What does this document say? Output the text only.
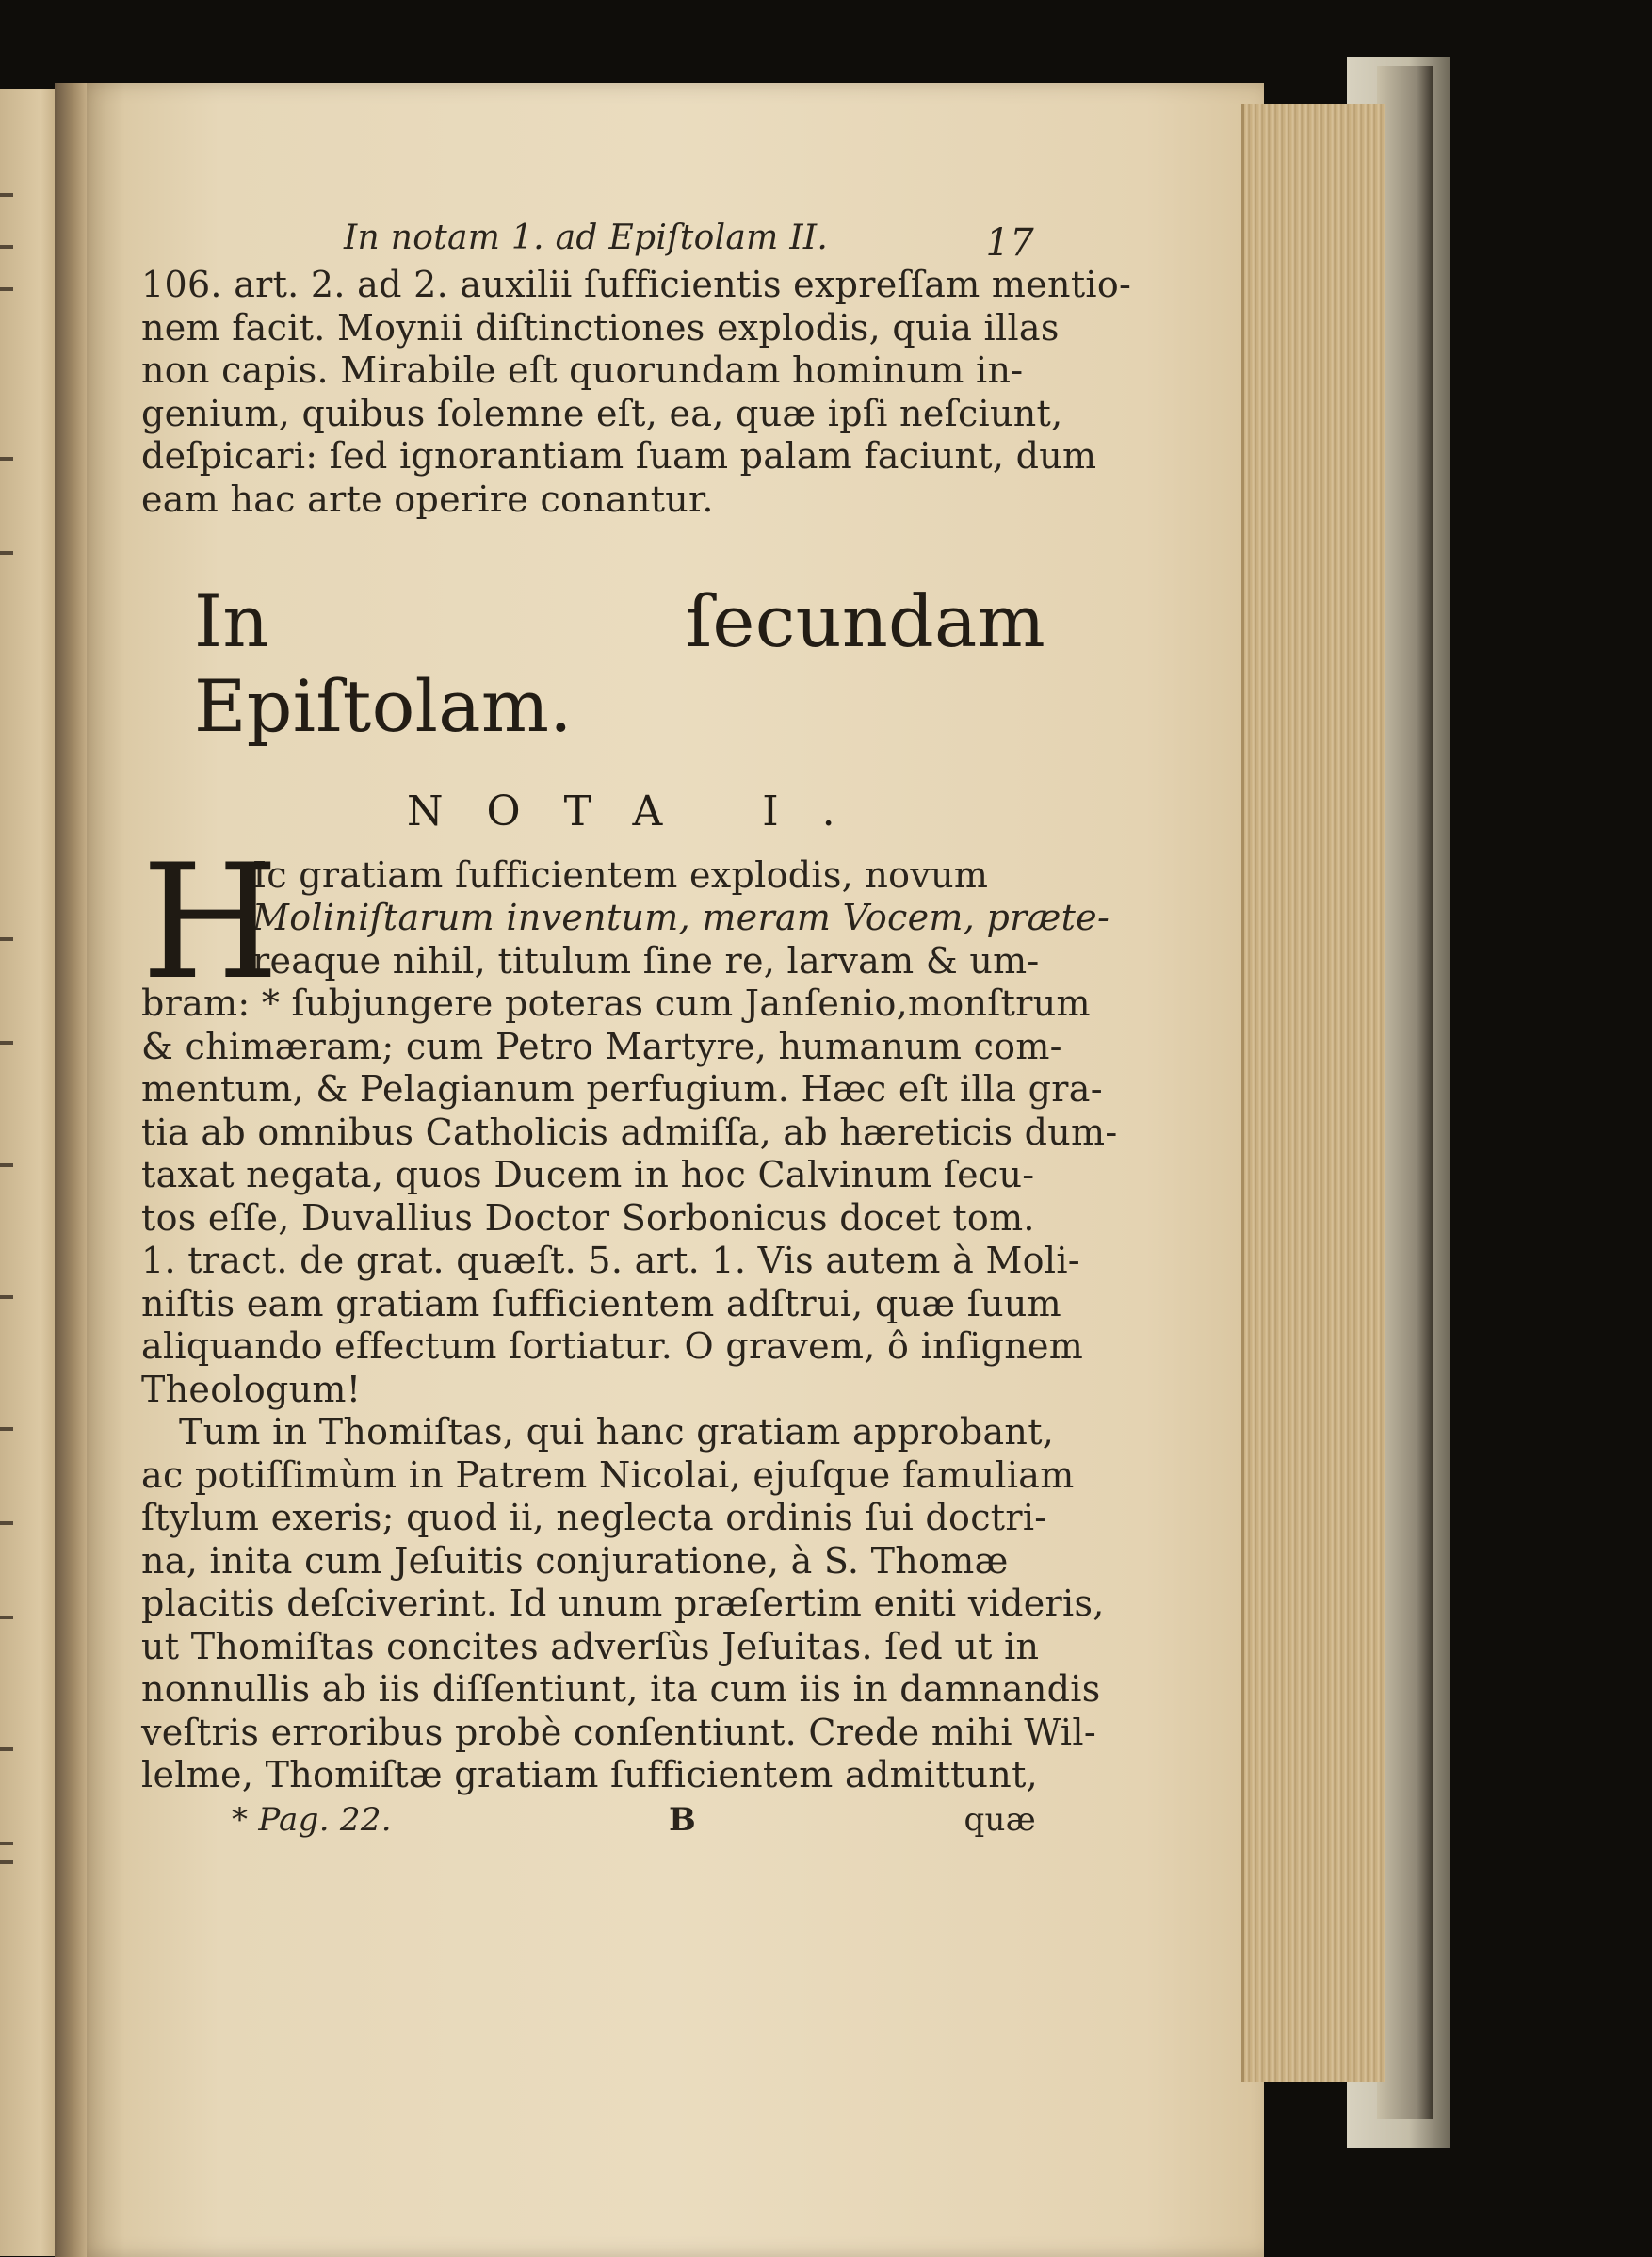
In notam 1. ad Epiſtolam II.	17
106. art. 2. ad 2. auxilii ſufficientis expreſſam mentio-
nem facit. Moynii diſtinctiones explodis, quia illas
non capis. Mirabile eſt quorundam hominum in-
genium, quibus ſolemne eſt, ea, quæ ipſi neſciunt,
deſpicari: ſed ignorantiam ſuam palam faciunt, dum
eam hac arte operire conantur.
In ſecundam Epiſtolam.
NOTA I.
H
Ic gratiam ſufficientem explodis, novum
Moliniſtarum inventum, meram Vocem, præte-
reaque nihil, titulum ſine re, larvam & um-
bram: * ſubjungere poteras cum Janſenio,monſtrum
& chimæram; cum Petro Martyre, humanum com-
mentum, & Pelagianum perfugium. Hæc eſt illa gra-
tia ab omnibus Catholicis admiſſa, ab hæreticis dum-
taxat negata, quos Ducem in hoc Calvinum ſecu-
tos eſſe, Duvallius Doctor Sorbonicus docet tom.
1. tract. de grat. quæſt. 5. art. 1. Vis autem à Moli-
niſtis eam gratiam ſufficientem adſtrui, quæ ſuum
aliquando effectum ſortiatur. O gravem, ô inſignem
Theologum!
Tum in Thomiſtas, qui hanc gratiam approbant,
ac potiſſimùm in Patrem Nicolai, ejuſque famuliam
ſtylum exeris; quod ii, neglecta ordinis ſui doctri-
na, inita cum Jeſuitis conjuratione, à S. Thomæ
placitis deſciverint. Id unum præſertim eniti videris,
ut Thomiſtas concites adverſùs Jeſuitas. ſed ut in
nonnullis ab iis diſſentiunt, ita cum iis in damnandis
veſtris erroribus probè conſentiunt. Crede mihi Wil-
lelme, Thomiſtæ gratiam ſufficientem admittunt,
* Pag. 22.	B	quæ
